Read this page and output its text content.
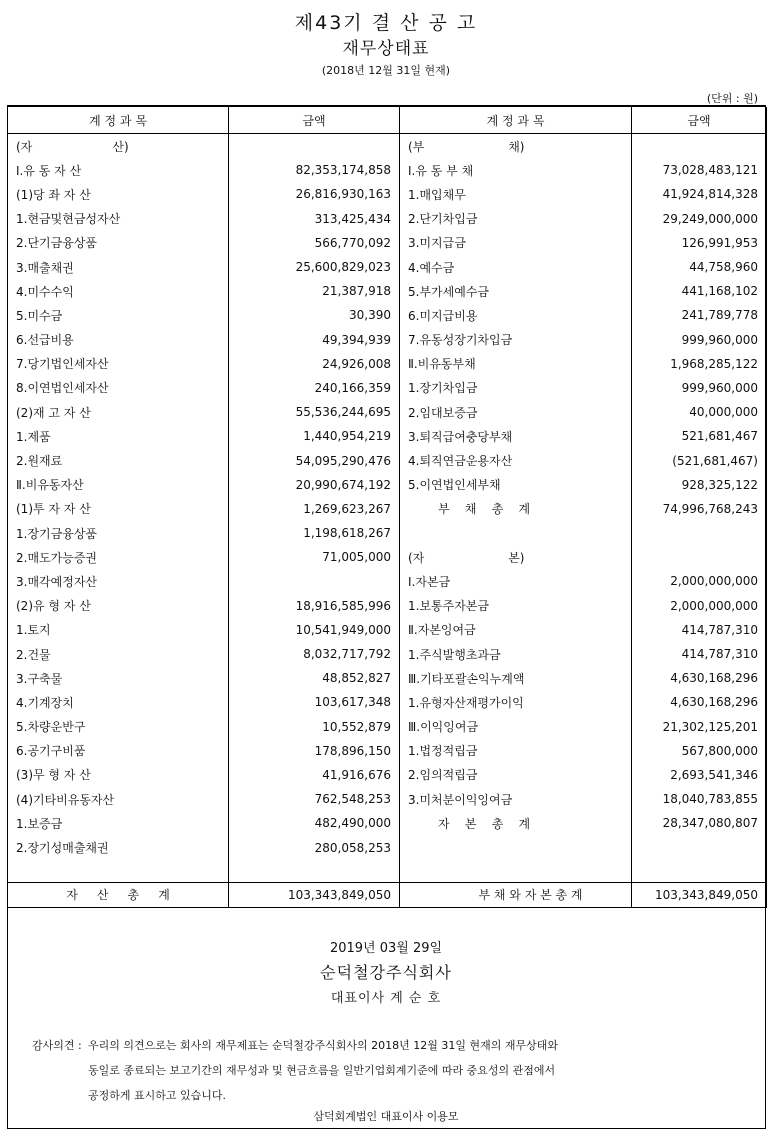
제43기 결 산 공 고
재무상태표
(2018년 12월 31일 현재)
(단위 : 원)
계 정 과 목	금액	계 정 과 목	금액
(자                     산)		(부                      채)	
Ⅰ.유 동 자 산	82,353,174,858	Ⅰ.유 동 부 채	73,028,483,121
(1)당 좌 자 산	26,816,930,163	1.매입채무	41,924,814,328
1.현금및현금성자산	313,425,434	2.단기차입금	29,249,000,000
2.단기금융상품	566,770,092	3.미지급금	126,991,953
3.매출채권	25,600,829,023	4.예수금	44,758,960
4.미수수익	21,387,918	5.부가세예수금	441,168,102
5.미수금	30,390	6.미지급비용	241,789,778
6.선급비용	49,394,939	7.유동성장기차입금	999,960,000
7.당기법인세자산	24,926,008	Ⅱ.비유동부채	1,968,285,122
8.이연법인세자산	240,166,359	1.장기차입금	999,960,000
(2)재 고 자 산	55,536,244,695	2.임대보증금	40,000,000
1.제품	1,440,954,219	3.퇴직급여충당부채	521,681,467
2.원재료	54,095,290,476	4.퇴직연금운용자산	(521,681,467)
Ⅱ.비유동자산	20,990,674,192	5.이연법인세부채	928,325,122
(1)투 자 자 산	1,269,623,267	부    채    총    계	74,996,768,243
1.장기금융상품	1,198,618,267		
2.매도가능증권	71,005,000	(자                      본)	
3.매각예정자산		Ⅰ.자본금	2,000,000,000
(2)유 형 자 산	18,916,585,996	1.보통주자본금	2,000,000,000
1.토지	10,541,949,000	Ⅱ.자본잉여금	414,787,310
2.건물	8,032,717,792	1.주식발행초과금	414,787,310
3.구축물	48,852,827	Ⅲ.기타포괄손익누계액	4,630,168,296
4.기계장치	103,617,348	1.유형자산재평가이익	4,630,168,296
5.차량운반구	10,552,879	Ⅲ.이익잉여금	21,302,125,201
6.공기구비품	178,896,150	1.법정적립금	567,800,000
(3)무 형 자 산	41,916,676	2.임의적립금	2,693,541,346
(4)기타비유동자산	762,548,253	3.미처분이익잉여금	18,040,783,855
1.보증금	482,490,000	자    본    총    계	28,347,080,807
2.장기성매출채권	280,058,253		

자     산     총     계	103,343,849,050	부 채 와 자 본 총 계	103,343,849,050
2019년 03월 29일
순덕철강주식회사
대표이사 계 순 호
감사의견 : 우리의 의견으로는 회사의 재무제표는 순덕철강주식회사의 2018년 12월 31일 현재의 재무상태와
동일로 종료되는 보고기간의 재무성과 및 현금흐름을 일반기업회계기준에 따라 중요성의 관점에서
공정하게 표시하고 있습니다.
삼덕회계법인 대표이사 이용모
